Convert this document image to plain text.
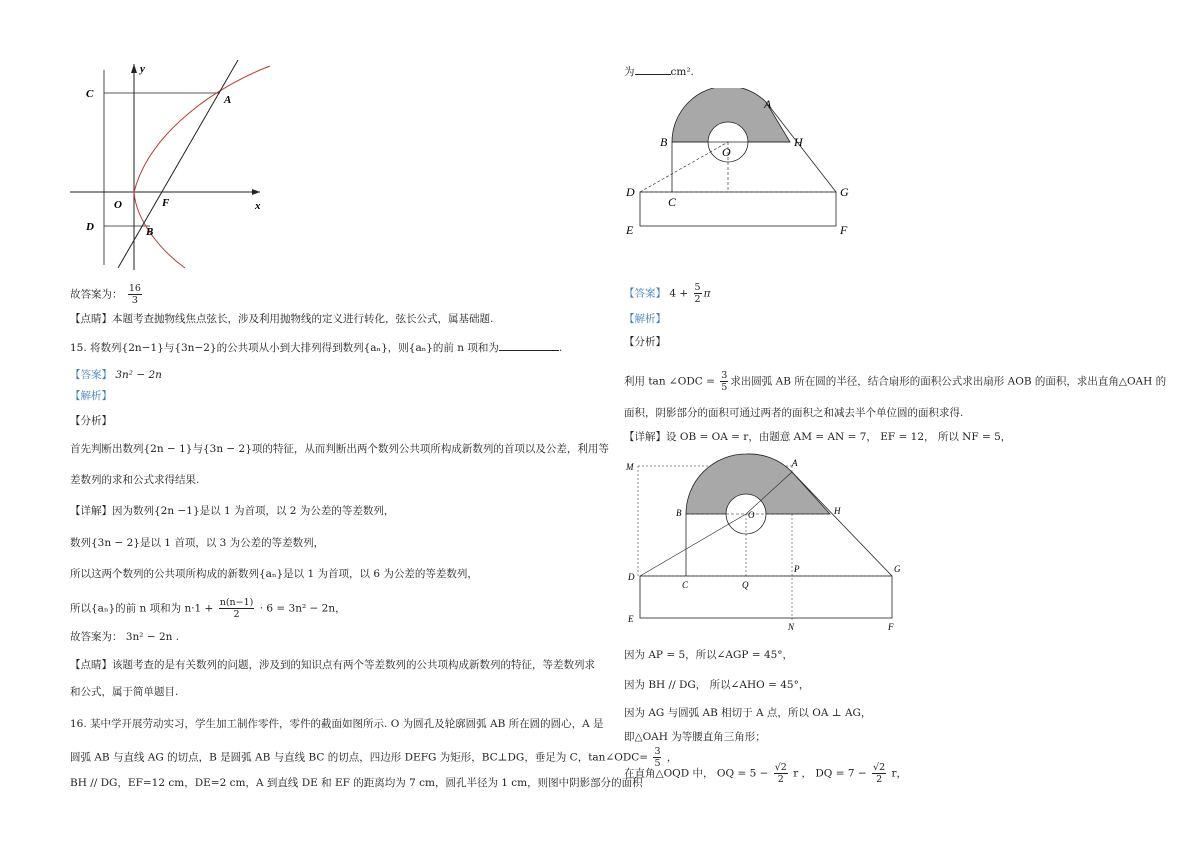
C
y
A
O	F	x
D	B
故答案为： $\frac{16}{3}$
【点睛】本题考查抛物线焦点弦长，涉及利用抛物线的定义进行转化，弦长公式，属基础题.
15. 将数列{2n−1}与{3n−2}的公共项从小到大排列得到数列{aₙ}，则{aₙ}的前 n 项和为	.
【答案】 3n² − 2n
【解析】
【分析】
首先判断出数列{2n − 1}与{3n − 2}项的特征，从而判断出两个数列公共项所构成新数列的首项以及公差，利用等
差数列的求和公式求得结果.
【详解】因为数列{2n −1}是以 1 为首项，以 2 为公差的等差数列，
数列{3n − 2}是以 1 首项，以 3 为公差的等差数列，
所以这两个数列的公共项所构成的新数列{aₙ}是以 1 为首项，以 6 为公差的等差数列，
所以{aₙ}的前 n 项和为 $n\cdot 1 + \frac{n(n-1)}{2} \cdot 6 = 3n^2 - 2n$，
故答案为： 3n² − 2n .
【点睛】该题考查的是有关数列的问题，涉及到的知识点有两个等差数列的公共项构成新数列的特征，等差数列求
和公式，属于简单题目.
16. 某中学开展劳动实习，学生加工制作零件，零件的截面如图所示. O 为圆孔及轮廓圆弧 AB 所在圆的圆心，A 是
圆弧 AB 与直线 AG 的切点，B 是圆弧 AB 与直线 BC 的切点，四边形 DEFG 为矩形，BC⊥DG，垂足为 C，tan∠ODC= $\frac{3}{5}$ ，
BH // DG，EF=12 cm，DE=2 cm，A 到直线 DE 和 EF 的距离均为 7 cm，圆孔半径为 1 cm，则图中阴影部分的面积
为	cm².
A
B
O
H
D
C
G
E	F
【答案】 $4 + \frac{5}{2}$ π
【解析】
【分析】
利用 tan ∠ODC = $\frac{3}{5}$ 求出圆弧 AB 所在圆的半径，结合扇形的面积公式求出扇形 AOB 的面积，求出直角△OAH 的
面积，阴影部分的面积可通过两者的面积之和减去半个单位圆的面积求得.
【详解】设 OB = OA = r，由题意 AM = AN = 7， EF = 12， 所以 NF = 5，
M	A
B	O	H
D
C	Q
P	G
E
N	F
因为 AP = 5，所以∠AGP = 45°，
因为 BH // DG， 所以∠AHO = 45°，
因为 AG 与圆弧 AB 相切于 A 点，所以 OA ⊥ AG，
即△OAH 为等腰直角三角形；
在直角△OQD 中， OQ = $5 - \frac{√2}{2}$ r ， DQ = $7 - \frac{√2}{2}$ r，
